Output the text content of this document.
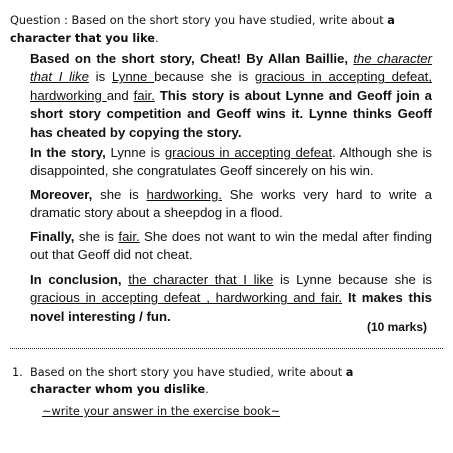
Question : Based on the short story you have studied, write about a character that you like.

Based on the short story, Cheat! By Allan Baillie, the character that I like is Lynne because she is gracious in accepting defeat, hardworking and fair. This story is about Lynne and Geoff join a short story competition and Geoff wins it. Lynne thinks Geoff has cheated by copying the story.

In the story, Lynne is gracious in accepting defeat. Although she is disappointed, she congratulates Geoff sincerely on his win.

Moreover, she is hardworking. She works very hard to write a dramatic story about a sheepdog in a flood.

Finally, she is fair. She does not want to win the medal after finding out that Geoff did not cheat.

In conclusion, the character that I like is Lynne because she is gracious in accepting defeat , hardworking and fair. It makes this novel interesting / fun.

(10 marks)
1. Based on the short story you have studied, write about a
character whom you dislike.
~write your answer in the exercise book~
